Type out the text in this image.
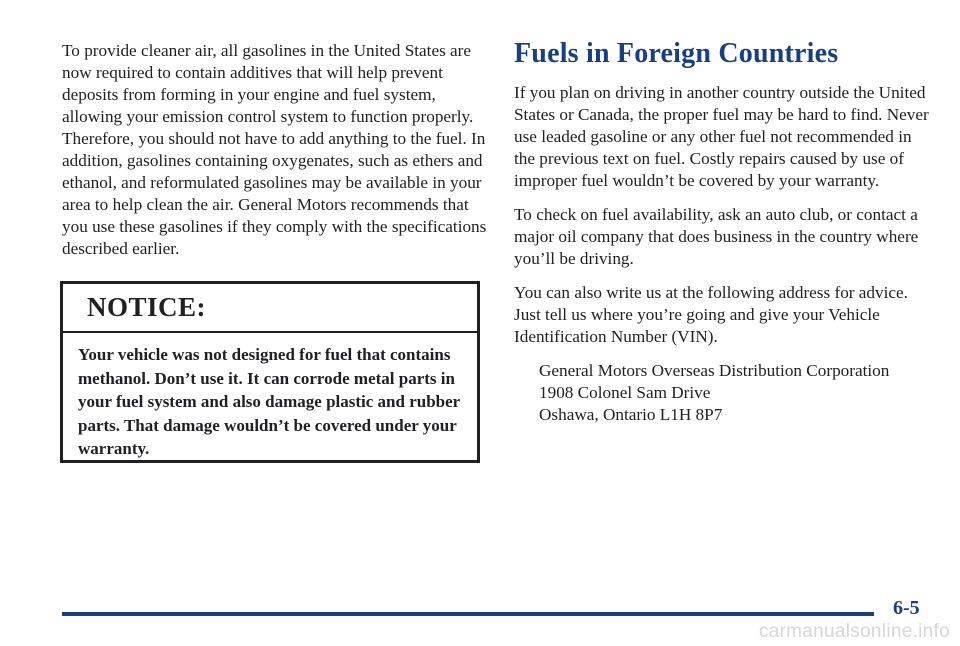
To provide cleaner air, all gasolines in the United States are now required to contain additives that will help prevent deposits from forming in your engine and fuel system, allowing your emission control system to function properly. Therefore, you should not have to add anything to the fuel. In addition, gasolines containing oxygenates, such as ethers and ethanol, and reformulated gasolines may be available in your area to help clean the air. General Motors recommends that you use these gasolines if they comply with the specifications described earlier.

NOTICE:
Your vehicle was not designed for fuel that contains methanol. Don’t use it. It can corrode metal parts in your fuel system and also damage plastic and rubber parts. That damage wouldn’t be covered under your warranty.
Fuels in Foreign Countries

If you plan on driving in another country outside the United States or Canada, the proper fuel may be hard to find. Never use leaded gasoline or any other fuel not recommended in the previous text on fuel. Costly repairs caused by use of improper fuel wouldn’t be covered by your warranty.

To check on fuel availability, ask an auto club, or contact a major oil company that does business in the country where you’ll be driving.

You can also write us at the following address for advice. Just tell us where you’re going and give your Vehicle Identification Number (VIN).

General Motors Overseas Distribution Corporation
1908 Colonel Sam Drive
Oshawa, Ontario L1H 8P7
6-5
carmanualsonline.info
